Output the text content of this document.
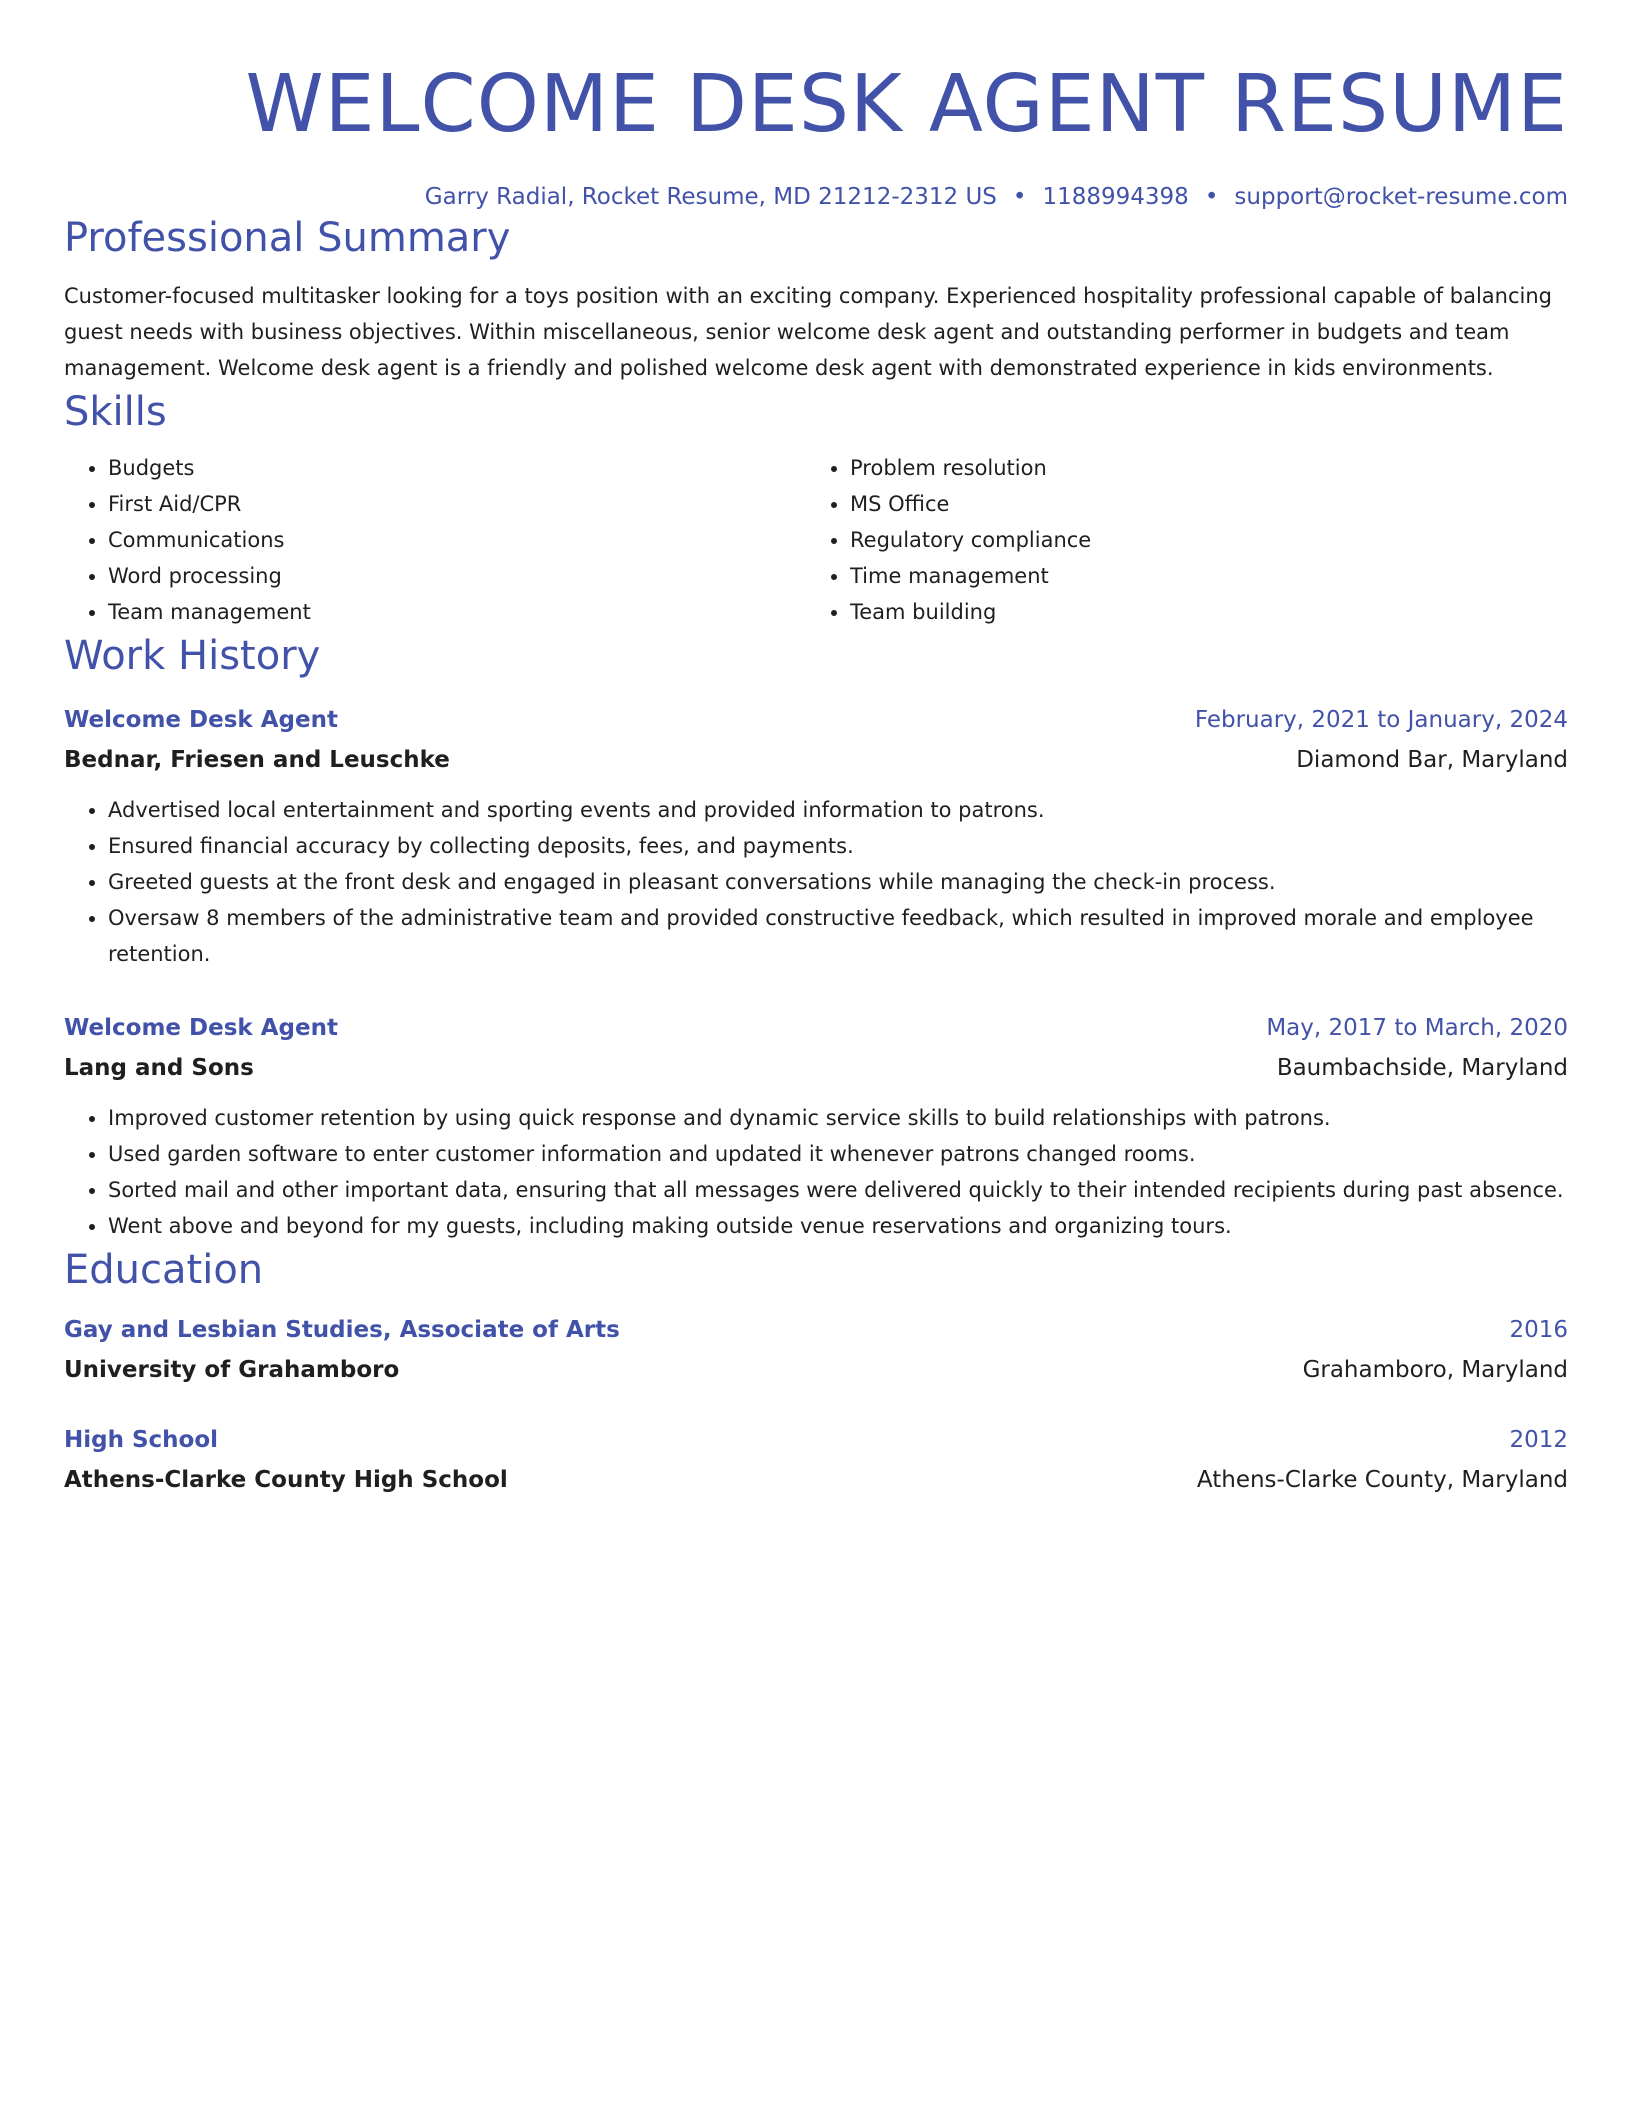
WELCOME DESK AGENT RESUME
Garry Radial, Rocket Resume, MD 21212-2312 US • 1188994398 • support@rocket-resume.com
Professional Summary
Customer-focused multitasker looking for a toys position with an exciting company. Experienced hospitality professional capable of balancing guest needs with business objectives. Within miscellaneous, senior welcome desk agent and outstanding performer in budgets and team management. Welcome desk agent is a friendly and polished welcome desk agent with demonstrated experience in kids environments.
Skills
• Budgets
• First Aid/CPR
• Communications
• Word processing
• Team management
• Problem resolution
• MS Office
• Regulatory compliance
• Time management
• Team building
Work History
Welcome Desk Agent	February, 2021 to January, 2024
Bednar, Friesen and Leuschke	Diamond Bar, Maryland
• Advertised local entertainment and sporting events and provided information to patrons.
• Ensured financial accuracy by collecting deposits, fees, and payments.
• Greeted guests at the front desk and engaged in pleasant conversations while managing the check-in process.
• Oversaw 8 members of the administrative team and provided constructive feedback, which resulted in improved morale and employee retention.
Welcome Desk Agent	May, 2017 to March, 2020
Lang and Sons	Baumbachside, Maryland
• Improved customer retention by using quick response and dynamic service skills to build relationships with patrons.
• Used garden software to enter customer information and updated it whenever patrons changed rooms.
• Sorted mail and other important data, ensuring that all messages were delivered quickly to their intended recipients during past absence.
• Went above and beyond for my guests, including making outside venue reservations and organizing tours.
Education
Gay and Lesbian Studies, Associate of Arts	2016
University of Grahamboro	Grahamboro, Maryland
High School	2012
Athens-Clarke County High School	Athens-Clarke County, Maryland
